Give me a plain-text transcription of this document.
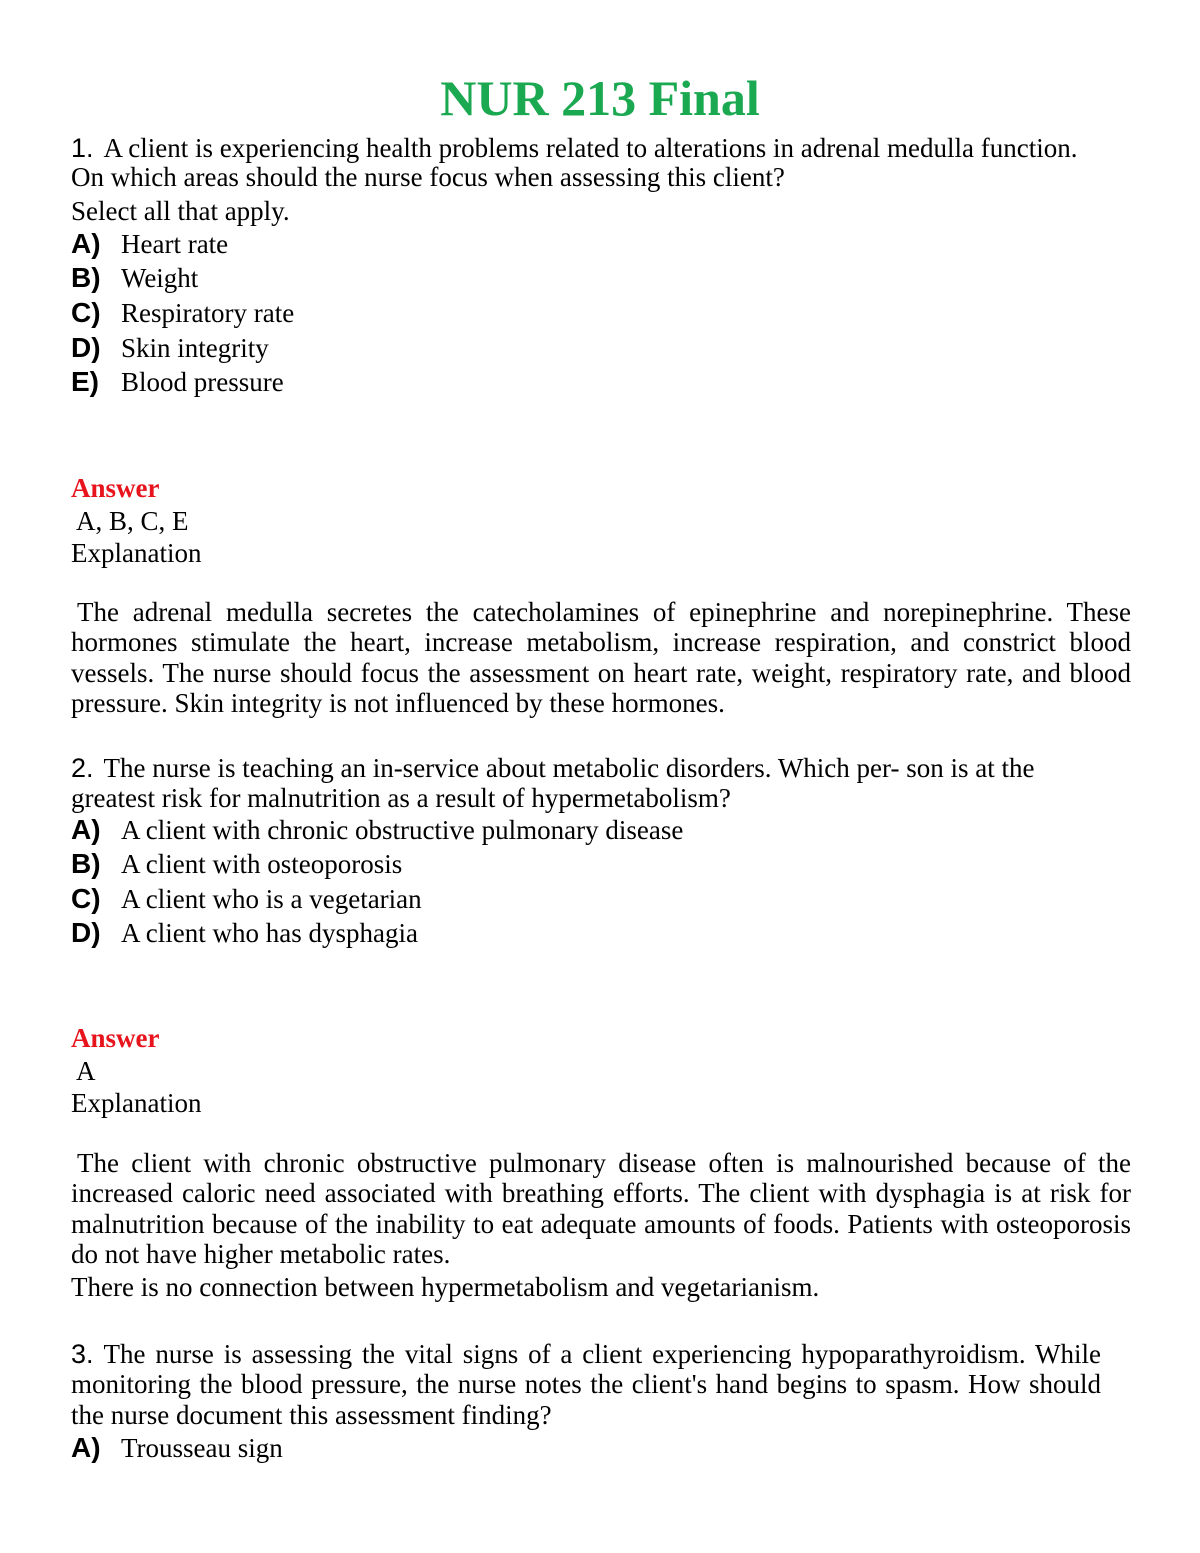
NUR 213 Final
1. A client is experiencing health problems related to alterations in adrenal medulla function.
On which areas should the nurse focus when assessing this client?
Select all that apply.
A) Heart rate
B) Weight
C) Respiratory rate
D) Skin integrity
E) Blood pressure
Answer
A, B, C, E
Explanation
The adrenal medulla secretes the catecholamines of epinephrine and norepinephrine. These hormones stimulate the heart, increase metabolism, increase respiration, and constrict blood vessels. The nurse should focus the assessment on heart rate, weight, respiratory rate, and blood pressure. Skin integrity is not influenced by these hormones.
2. The nurse is teaching an in-service about metabolic disorders. Which per- son is at the
greatest risk for malnutrition as a result of hypermetabolism?
A) A client with chronic obstructive pulmonary disease
B) A client with osteoporosis
C) A client who is a vegetarian
D) A client who has dysphagia
Answer
A
Explanation
The client with chronic obstructive pulmonary disease often is malnourished because of the increased caloric need associated with breathing efforts. The client with dysphagia is at risk for malnutrition because of the inability to eat adequate amounts of foods. Patients with osteoporosis do not have higher metabolic rates.
There is no connection between hypermetabolism and vegetarianism.
3. The nurse is assessing the vital signs of a client experiencing hypoparathyroidism. While monitoring the blood pressure, the nurse notes the client's hand begins to spasm. How should the nurse document this assessment finding?
A) Trousseau sign
